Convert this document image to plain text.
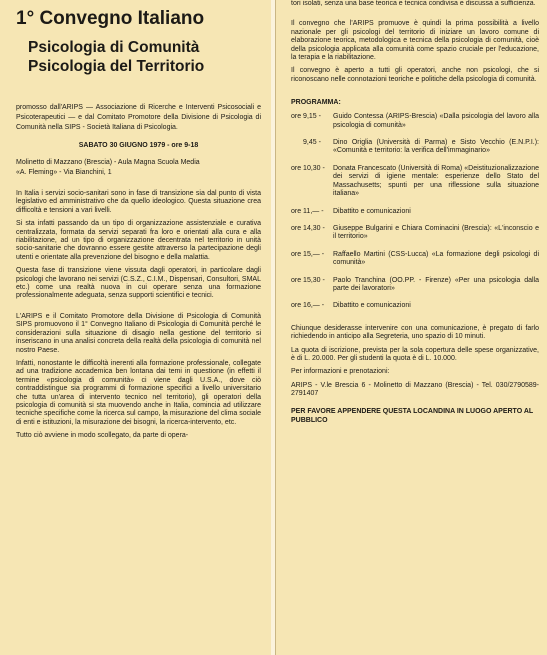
1° Convegno Italiano
Psicologia di Comunità
Psicologia del Territorio

promosso dall'ARIPS — Associazione di Ricerche e Interventi Psicosociali e Psicoterapeutici — e dal Comitato Promotore della Divisione di Psicologia di Comunità nella SIPS - Società Italiana di Psicologia.

SABATO 30 GIUGNO 1979 - ore 9-18

Molinetto di Mazzano (Brescia) - Aula Magna Scuola Media
«A. Fleming» - Via Bianchini, 1

In Italia i servizi socio-sanitari sono in fase di transizione sia dal punto di vista legislativo ed amministrativo che da quello ideologico. Questa situazione crea difficoltà e tensioni a vari livelli.

Si sta infatti passando da un tipo di organizzazione assistenziale e curativa centralizzata, formata da servizi separati fra loro e orientati alla cura e alla riabilitazione, ad un tipo di organizzazione decentrata nel territorio in unità socio-sanitarie che dovranno essere gestite attraverso la partecipazione degli utenti e orientate alla prevenzione del bisogno e della malattia.

Questa fase di transizione viene vissuta dagli operatori, in particolare dagli psicologi che lavorano nei servizi (C.S.Z., C.I.M., Dispensari, Consultori, SMAL etc.) come una realtà nuova in cui operare senza una formazione professionalmente adeguata, senza supporti scientifici e tecnici.

L'ARIPS e il Comitato Promotore della Divisione di Psicologia di Comunità SIPS promuovono il 1° Convegno Italiano di Psicologia di Comunità perché le considerazioni sulla situazione di disagio nella gestione del territorio si inseriscano in una analisi concreta della realtà della psicologia di comunità nel nostro Paese.

Infatti, nonostante le difficoltà inerenti alla formazione professionale, collegate ad una tradizione accademica ben lontana dai temi in questione (in effetti il termine «psicologia di comunità» ci viene dagli U.S.A., dove ciò contraddistingue sia programmi di formazione specifici a livello universitario che tutta un'area di intervento tecnico nel territorio), gli operatori della psicologia di comunità si sta muovendo anche in Italia, comincia ad utilizzare tecniche specifiche come la ricerca sul campo, la misurazione del clima sociale di enti e istituzioni, la misurazione dei bisogni, la ricerca-intervento, etc.

Tutto ciò avviene in modo scollegato, da parte di opera-

tori isolati, senza una base teorica e tecnica condivisa e discussa a sufficienza.

Il convegno che l'ARIPS promuove è quindi la prima possibilità a livello nazionale per gli psicologi del territorio di iniziare un lavoro comune di elaborazione teorica, metodologica e tecnica della psicologia di comunità, cioè della psicologia applicata alla comunità come spazio cruciale per l'educazione, la terapia e la riabilitazione.

Il convegno è aperto a tutti gli operatori, anche non psicologi, che si riconoscano nelle connotazioni teoriche e politiche della psicologia di comunità.

PROGRAMMA:
ore 9,15 -	Guido Contessa (ARIPS-Brescia) «Dalla psicologia del lavoro alla psicologia di comunità»
9,45 -	Dino Origlia (Università di Parma) e Sisto Vecchio (E.N.P.I.): «Comunità e territorio: la verifica dell'immaginario»
ore 10,30 -	Donata Francescato (Università di Roma) «Deistituzionalizzazione dei servizi di igiene mentale: esperienze dello Stato del Massachusetts; spunti per una riflessione sulla situazione italiana»
ore 11,— -	Dibattito e comunicazioni
ore 14,30 -	Giuseppe Bulgarini e Chiara Cominacini (Brescia): «L'inconscio e il territorio»
ore 15,— -	Raffaello Martini (CSS-Lucca) «La formazione degli psicologi di comunità»
ore 15,30 -	Paolo Tranchina (OO.PP. - Firenze) «Per una psicologia dalla parte dei lavoratori»
ore 16,— -	Dibattito e comunicazioni

Chiunque desiderasse intervenire con una comunicazione, è pregato di farlo richiedendo in anticipo alla Segreteria, uno spazio di 10 minuti.

La quota di iscrizione, prevista per la sola copertura delle spese organizzative, è di L. 20.000. Per gli studenti la quota è di L. 10.000.

Per informazioni e prenotazioni:

ARIPS - V.le Brescia 6 - Molinetto di Mazzano (Brescia) - Tel. 030/2790589-2791407

PER FAVORE APPENDERE QUESTA LOCANDINA IN LUOGO APERTO AL PUBBLICO
